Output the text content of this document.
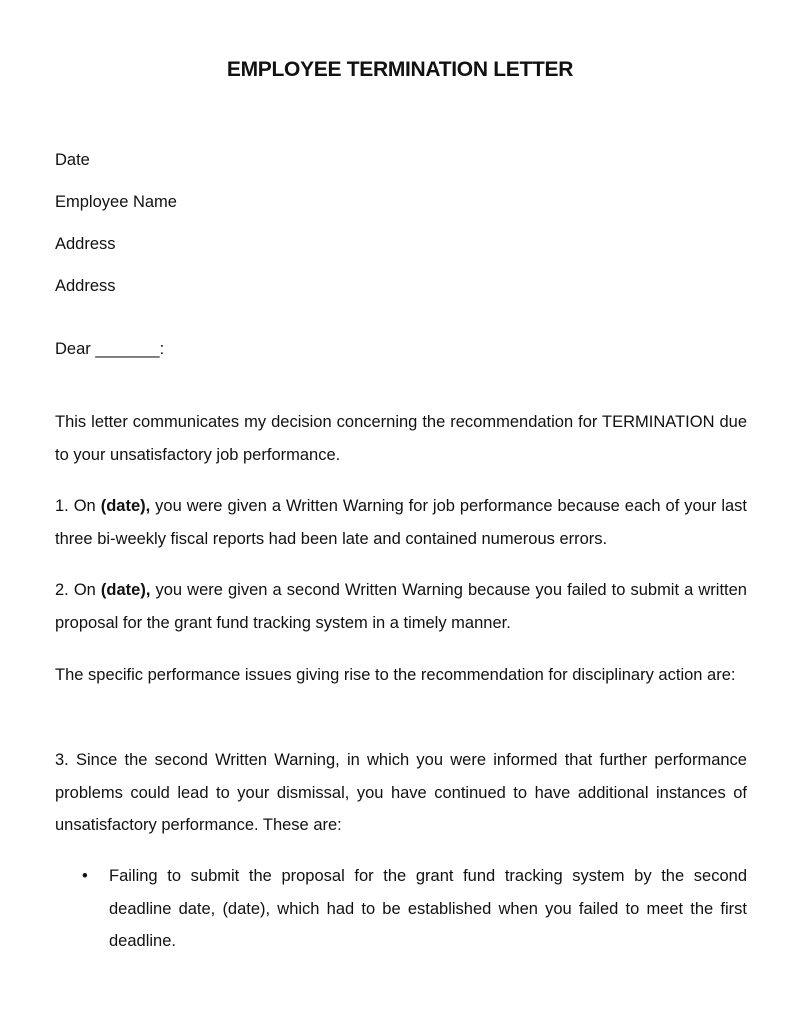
EMPLOYEE TERMINATION LETTER
Date
Employee Name
Address
Address
Dear _______:
This letter communicates my decision concerning the recommendation for TERMINATION due to your unsatisfactory job performance.
1. On (date), you were given a Written Warning for job performance because each of your last three bi-weekly fiscal reports had been late and contained numerous errors.
2. On (date), you were given a second Written Warning because you failed to submit a written proposal for the grant fund tracking system in a timely manner.
The specific performance issues giving rise to the recommendation for disciplinary action are:
3. Since the second Written Warning, in which you were informed that further performance problems could lead to your dismissal, you have continued to have additional instances of unsatisfactory performance. These are:
• Failing to submit the proposal for the grant fund tracking system by the second deadline date, (date), which had to be established when you failed to meet the first deadline.
